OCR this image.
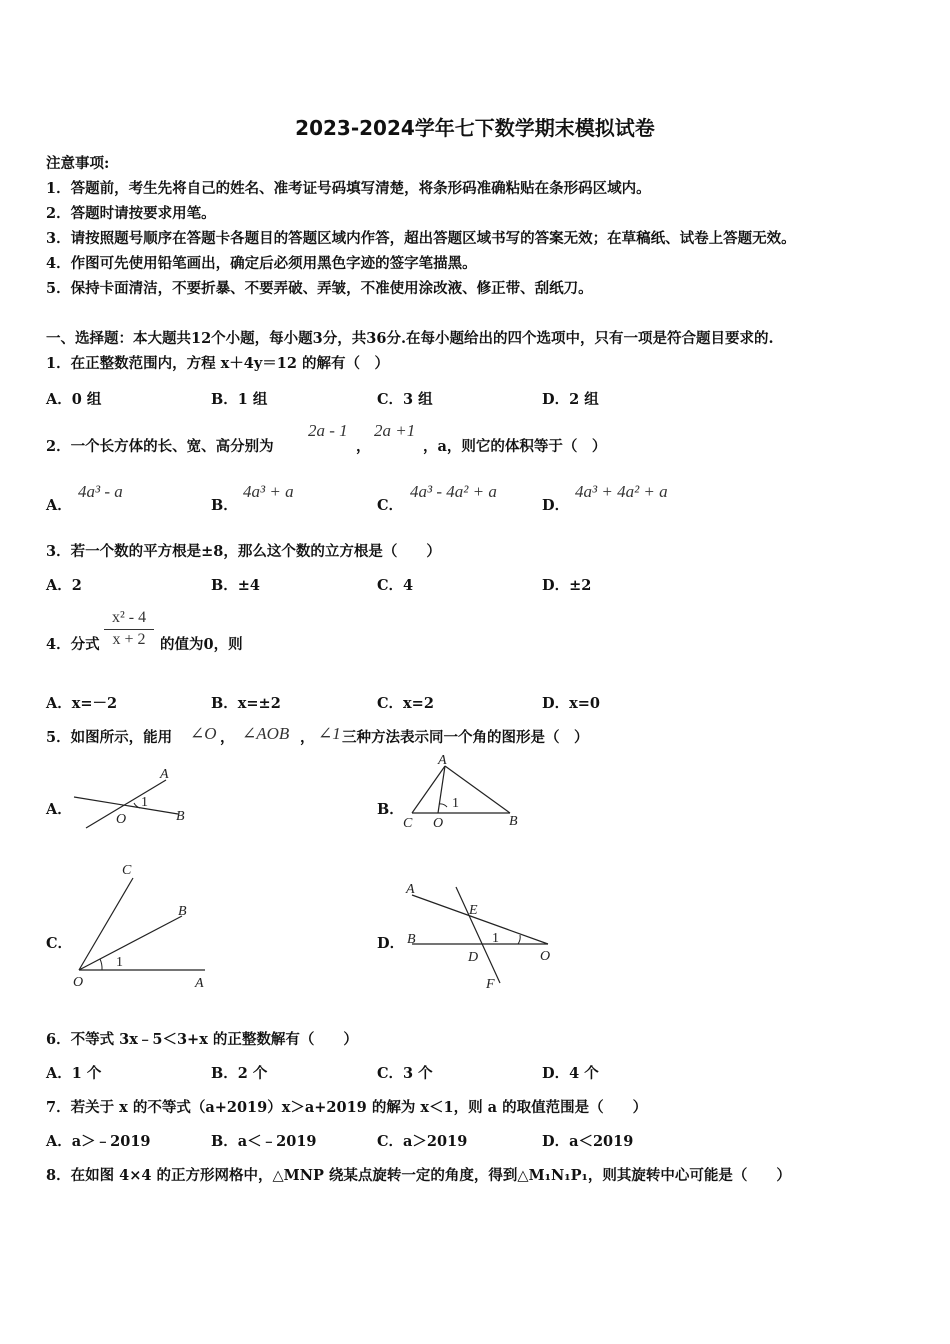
2023-2024学年七下数学期末模拟试卷
注意事项:
1．答题前，考生先将自己的姓名、准考证号码填写清楚，将条形码准确粘贴在条形码区域内。
2．答题时请按要求用笔。
3．请按照题号顺序在答题卡各题目的答题区域内作答，超出答题区域书写的答案无效；在草稿纸、试卷上答题无效。
4．作图可先使用铅笔画出，确定后必须用黑色字迹的签字笔描黑。
5．保持卡面清洁，不要折暴、不要弄破、弄皱，不准使用涂改液、修正带、刮纸刀。
一、选择题：本大题共12个小题，每小题3分，共36分.在每小题给出的四个选项中，只有一项是符合题目要求的.
1．在正整数范围内，方程 x＋4y＝12 的解有（　）
A．0 组	B．1 组	C．3 组	D．2 组
2．一个长方体的长、宽、高分别为
2a - 1
，
2a +1
，a，则它的体积等于（　）
A．
4a³ - a
B．
4a³ + a
C．
4a³ - 4a² + a
D．
4a³ + 4a² + a
3．若一个数的平方根是±8，那么这个数的立方根是（　　）
A．2	B．±4	C．4	D．±2
4．分式 $\frac{\text{x² - 4}}{x + 2}$ 的值为0，则
A．x=－2	B．x=±2	C．x=2	D．x=0
5．如图所示，能用 ∠O ， ∠AOB ， ∠1 三种方法表示同一个角的图形是（　）
A．
A
B
O
1	B．
A
C O	B
1
C．
C
B
O	A
1
D．
A
E
B	1
D	O
F
6．不等式 3x﹣5＜3+x 的正整数解有（　　）
A．1 个	B．2 个	C．3 个	D．4 个
7．若关于 x 的不等式（a+2019）x＞a+2019 的解为 x＜1，则 a 的取值范围是（　　）
A．a＞﹣2019	B．a＜﹣2019	C．a＞2019	D．a＜2019
8．在如图 4×4 的正方形网格中，△MNP 绕某点旋转一定的角度，得到△M₁N₁P₁，则其旋转中心可能是（　　）
